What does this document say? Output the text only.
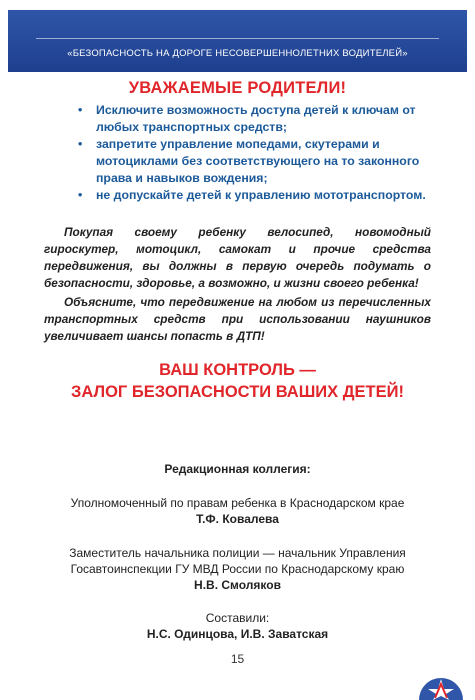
«БЕЗОПАСНОСТЬ НА ДОРОГЕ НЕСОВЕРШЕННОЛЕТНИХ ВОДИТЕЛЕЙ»
УВАЖАЕМЫЕ РОДИТЕЛИ!
• Исключите возможность доступа детей к ключам от любых транспортных средств;
• запретите управление мопедами, скутерами и мотоциклами без соответствующего на то законного права и навыков вождения;
• не допускайте детей к управлению мототранспортом.

Покупая своему ребенку велосипед, новомодный гироскутер, мотоцикл, самокат и прочие средства передвижения, вы должны в первую очередь подумать о безопасности, здоровье, а возможно, и жизни своего ребенка!

Объясните, что передвижение на любом из перечисленных транспортных средств при использовании наушников увеличивает шансы попасть в ДТП!

ВАШ КОНТРОЛЬ —
ЗАЛОГ БЕЗОПАСНОСТИ ВАШИХ ДЕТЕЙ!
Редакционная коллегия:
Уполномоченный по правам ребенка в Краснодарском крае
Т.Ф. Ковалева
Заместитель начальника полиции — начальник Управления
Госавтоинспекции ГУ МВД России по Краснодарскому краю
Н.В. Смоляков
Составили:
Н.С. Одинцова, И.В. Заватская
15
